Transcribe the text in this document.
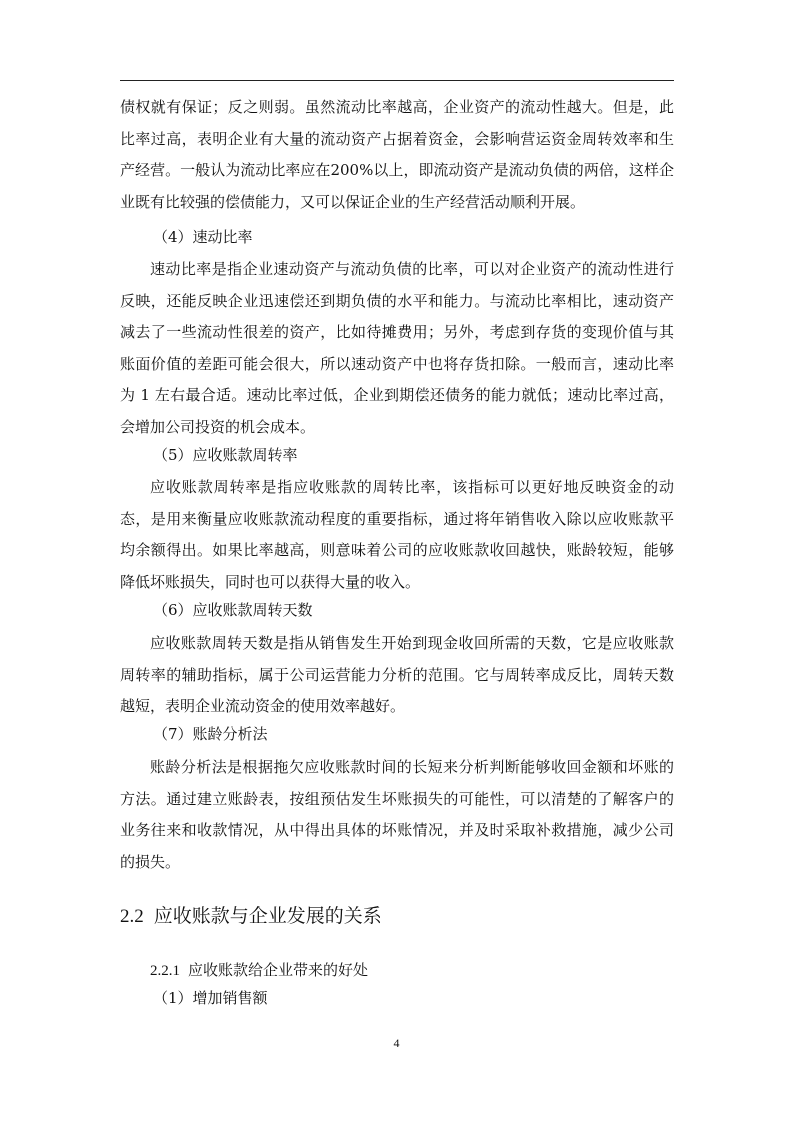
债权就有保证；反之则弱。虽然流动比率越高，企业资产的流动性越大。但是，此比率过高，表明企业有大量的流动资产占据着资金，会影响营运资金周转效率和生产经营。一般认为流动比率应在200%以上，即流动资产是流动负债的两倍，这样企业既有比较强的偿债能力，又可以保证企业的生产经营活动顺利开展。

（4）速动比率

速动比率是指企业速动资产与流动负债的比率，可以对企业资产的流动性进行反映，还能反映企业迅速偿还到期负债的水平和能力。与流动比率相比，速动资产减去了一些流动性很差的资产，比如待摊费用；另外，考虑到存货的变现价值与其账面价值的差距可能会很大，所以速动资产中也将存货扣除。一般而言，速动比率为 1 左右最合适。速动比率过低，企业到期偿还债务的能力就低；速动比率过高，会增加公司投资的机会成本。

（5）应收账款周转率

应收账款周转率是指应收账款的周转比率，该指标可以更好地反映资金的动态，是用来衡量应收账款流动程度的重要指标，通过将年销售收入除以应收账款平均余额得出。如果比率越高，则意味着公司的应收账款收回越快，账龄较短，能够降低坏账损失，同时也可以获得大量的收入。

（6）应收账款周转天数

应收账款周转天数是指从销售发生开始到现金收回所需的天数，它是应收账款周转率的辅助指标，属于公司运营能力分析的范围。它与周转率成反比，周转天数越短，表明企业流动资金的使用效率越好。

（7）账龄分析法

账龄分析法是根据拖欠应收账款时间的长短来分析判断能够收回金额和坏账的方法。通过建立账龄表，按组预估发生坏账损失的可能性，可以清楚的了解客户的业务往来和收款情况，从中得出具体的坏账情况，并及时采取补救措施，减少公司的损失。

2.2 应收账款与企业发展的关系
2.2.1 应收账款给企业带来的好处
（1）增加销售额
4
